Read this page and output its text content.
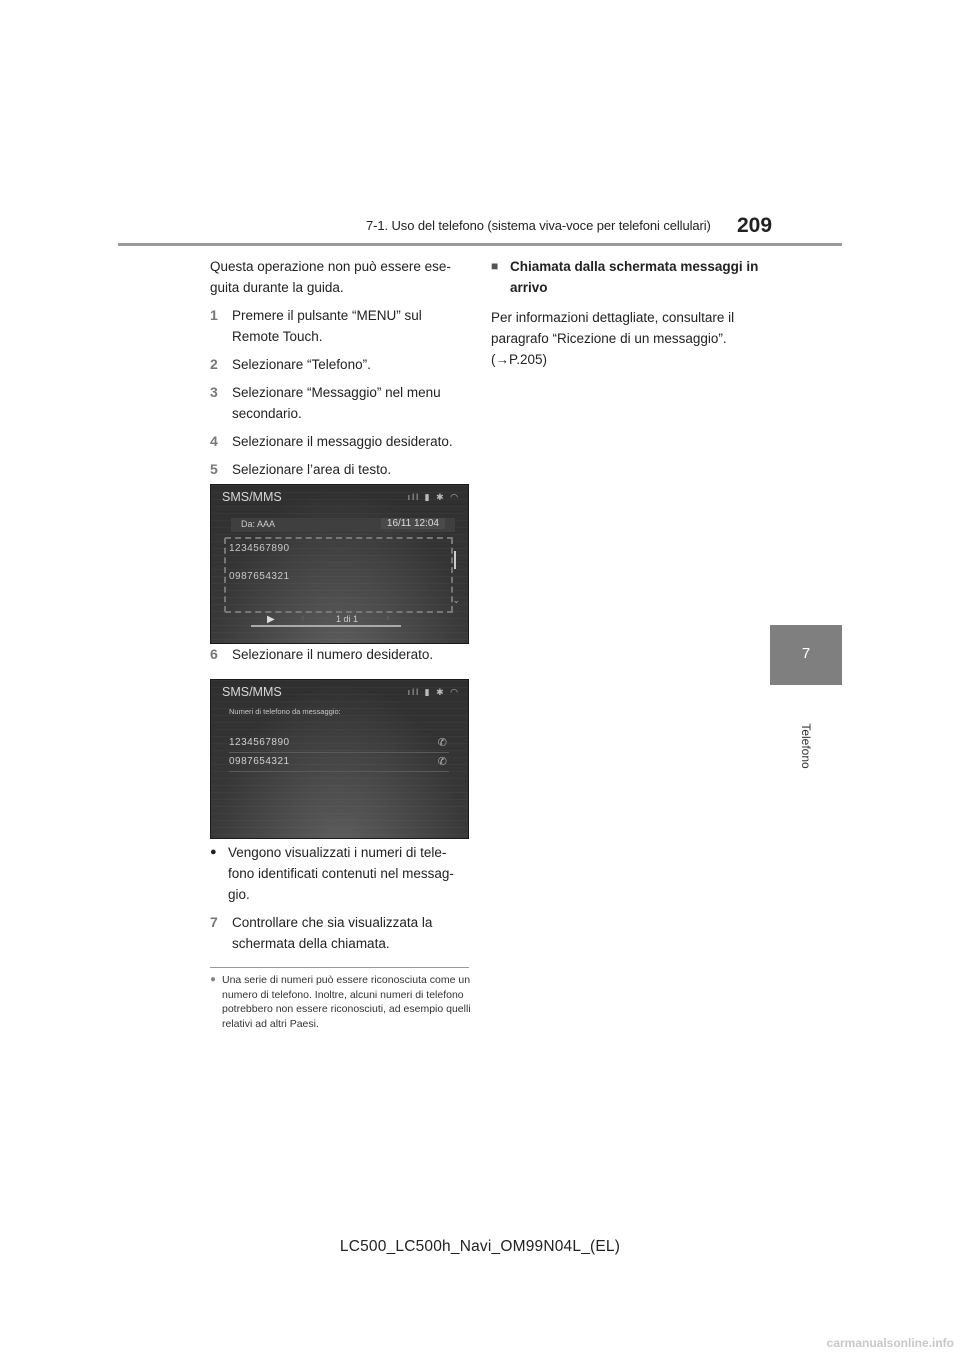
7-1. Uso del telefono (sistema viva-voce per telefoni cellulari) 209
7
Telefono

Questa operazione non può essere ese-guita durante la guida.

1	Premere il pulsante “MENU” sul Remote Touch.
2	Selezionare “Telefono”.
3	Selezionare “Messaggio” nel menu secondario.
4	Selezionare il messaggio desiderato.
5	Selezionare l’area di testo.
SMS/MMS	ıll ▮ ✱ ◠
Da: AAA	16/11 12:04
1234567890
0987654321
⌄
▶ ‹	1 di 1	›
6	Selezionare il numero desiderato.
SMS/MMS	ıll ▮ ✱ ◠
Numeri di telefono da messaggio:
1234567890	✆
0987654321	✆
● Vengono visualizzati i numeri di tele-fono identificati contenuti nel messag-gio.
7	Controllare che sia visualizzata la schermata della chiamata.
● Una serie di numeri può essere riconosciuta come un numero di telefono. Inoltre, alcuni numeri di telefono potrebbero non essere riconosciuti, ad esempio quelli relativi ad altri Paesi.
■ Chiamata dalla schermata messaggi in arrivo

Per informazioni dettagliate, consultare il paragrafo “Ricezione di un messaggio”. (→P.205)

LC500_LC500h_Navi_OM99N04L_(EL)
carmanualsonline.info
